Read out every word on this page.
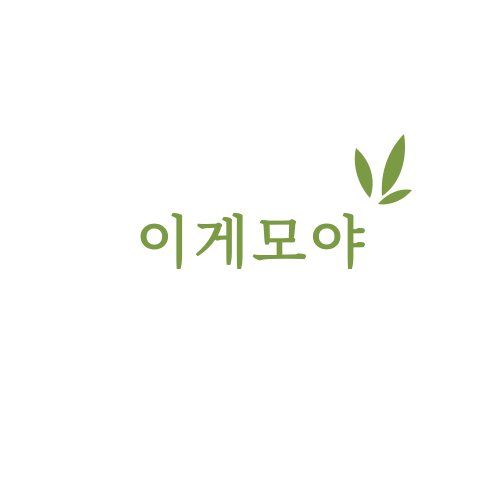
이게모야
